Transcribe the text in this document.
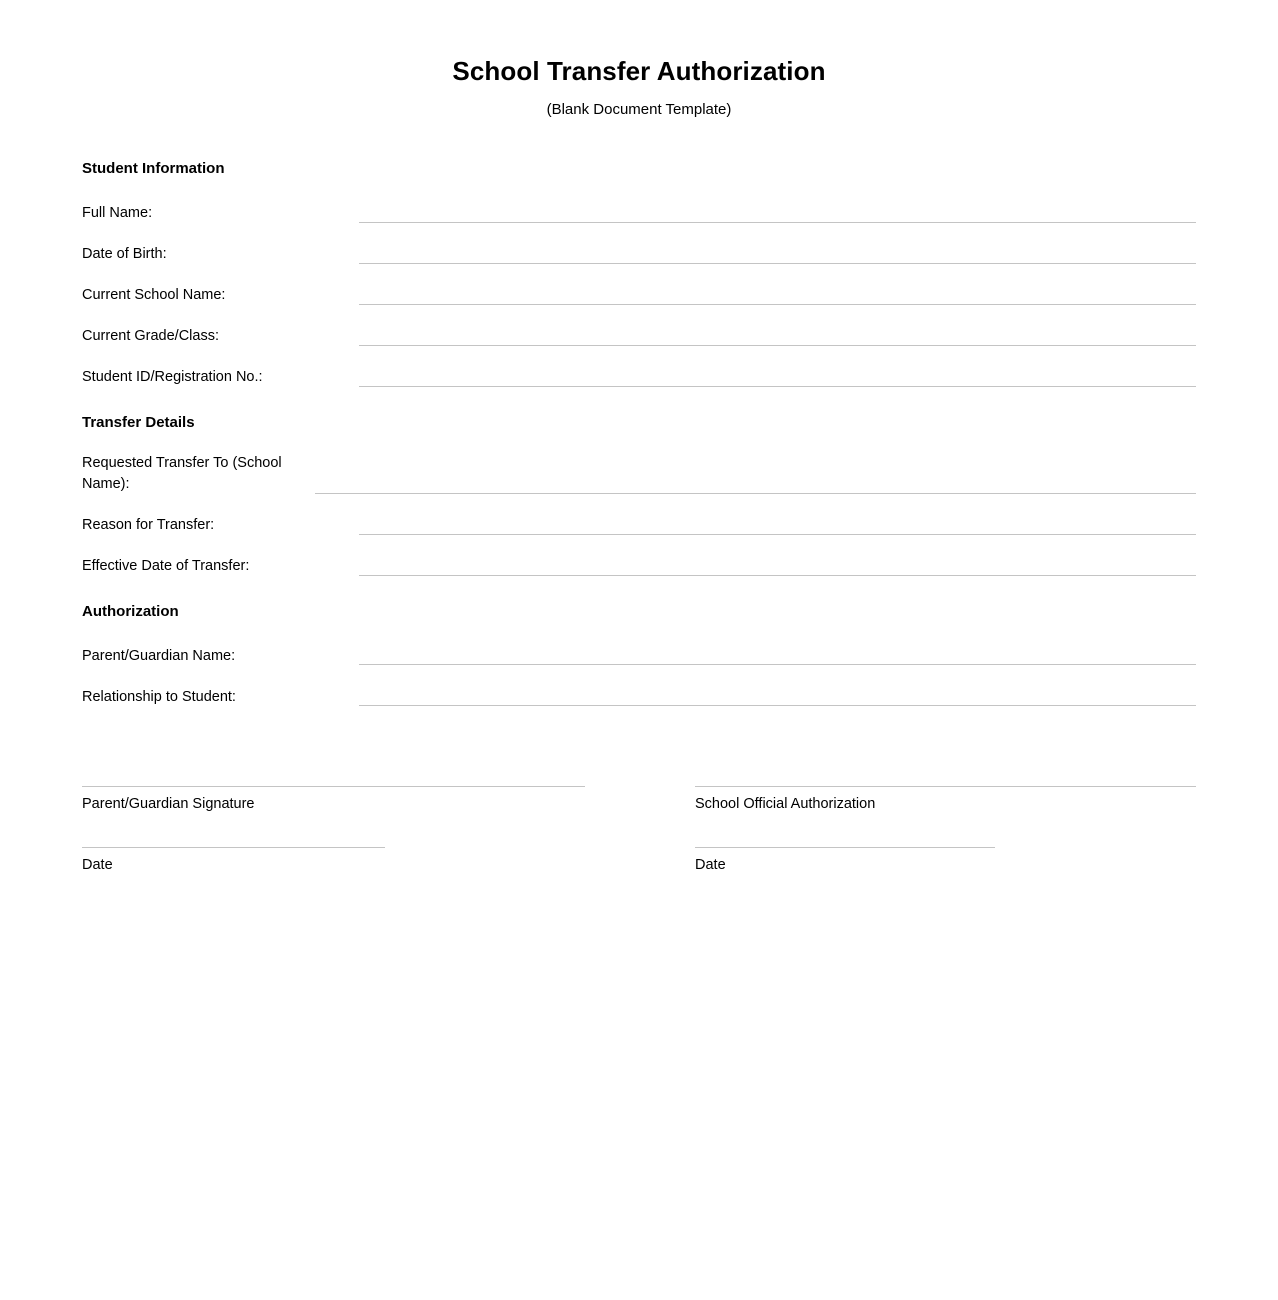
School Transfer Authorization
(Blank Document Template)
Student Information
Full Name:
Date of Birth:
Current School Name:
Current Grade/Class:
Student ID/Registration No.:
Transfer Details
Requested Transfer To (School Name):
Reason for Transfer:
Effective Date of Transfer:
Authorization
Parent/Guardian Name:
Relationship to Student:
Parent/Guardian Signature
Date
School Official Authorization
Date
